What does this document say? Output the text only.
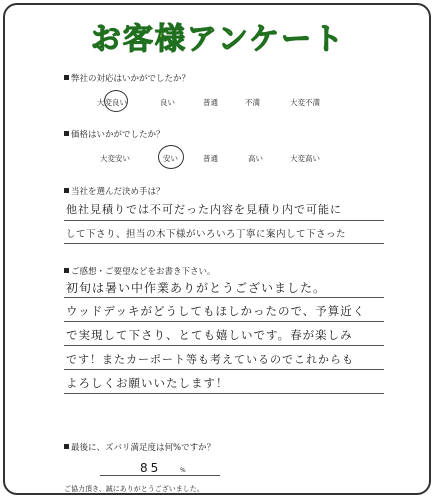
お客様アンケート
弊社の対応はいかがでしたか？
大変良い	良い	普通	不満	大変不満
価格はいかがでしたか？
大変安い	安い	普通	高い	大変高い
当社を選んだ決め手は？
他社見積りでは不可だった内容を見積り内で可能に
して下さり、担当の木下様がいろいろ丁寧に案内して下さった
ご感想・ご要望などをお書き下さい。
初旬は暑い中作業ありがとうございました。
ウッドデッキがどうしてもほしかったので、予算近く
で実現して下さり、とても嬉しいです。春が楽しみ
です！またカーポート等も考えているのでこれからも
よろしくお願いいたします！
最後に、ズバリ満足度は何%ですか？
85	%
ご協力頂き、誠にありがとうございました。
